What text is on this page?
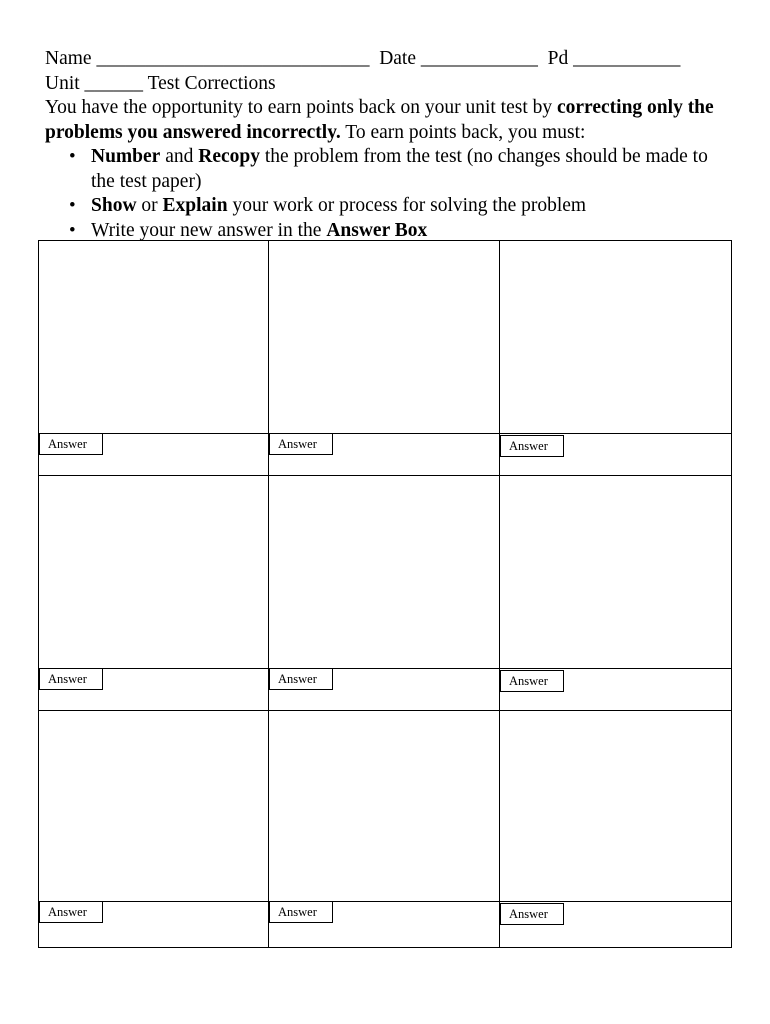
Name ____________________________ Date ____________ Pd ___________
Unit ______ Test Corrections
You have the opportunity to earn points back on your unit test by correcting only the problems you answered incorrectly. To earn points back, you must:
• Number and Recopy the problem from the test (no changes should be made to the test paper)
• Show or Explain your work or process for solving the problem
• Write your new answer in the Answer Box
Answer	Answer	Answer
Answer	Answer	Answer
Answer	Answer	Answer
